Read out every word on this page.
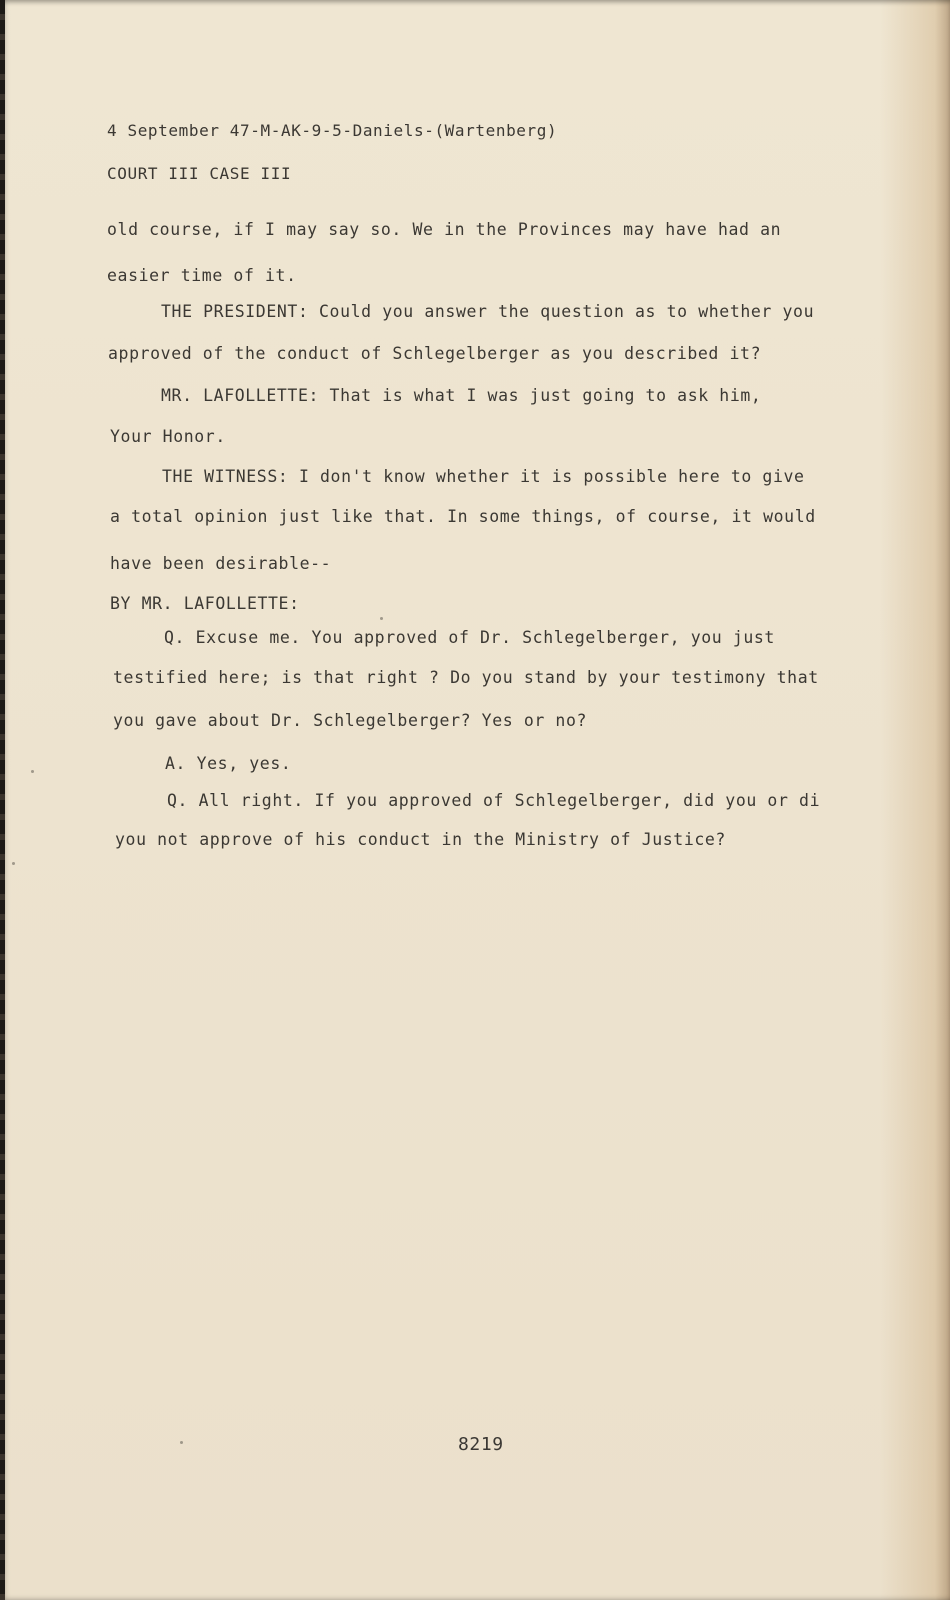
4 September 47-M-AK-9-5-Daniels-(Wartenberg)
COURT III CASE III
old course, if I may say so. We in the Provinces may have had an
easier time of it.
THE PRESIDENT: Could you answer the question as to whether you
approved of the conduct of Schlegelberger as you described it?
MR. LAFOLLETTE: That is what I was just going to ask him,
Your Honor.
THE WITNESS: I don't know whether it is possible here to give
a total opinion just like that. In some things, of course, it would
have been desirable--
BY MR. LAFOLLETTE:
Q. Excuse me. You approved of Dr. Schlegelberger, you just
testified here; is that right ? Do you stand by your testimony that
you gave about Dr. Schlegelberger? Yes or no?
A. Yes, yes.
Q. All right. If you approved of Schlegelberger, did you or di
you not approve of his conduct in the Ministry of Justice?
8219
